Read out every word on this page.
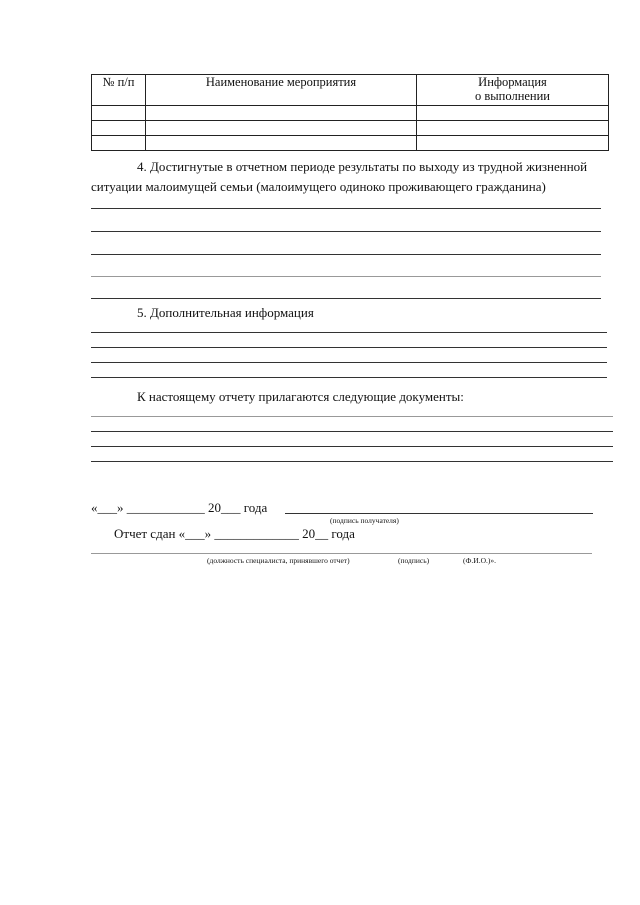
№ п/п	Наименование мероприятия	Информация
о выполнении

4. Достигнутые в отчетном периоде результаты по выходу из трудной жизненной
ситуации малоимущей семьи (малоимущего одиноко проживающего гражданина)
5. Дополнительная информация
К настоящему отчету прилагаются следующие документы:
«___» ____________ 20___ года
(подпись получателя)
Отчет сдан «___» _____________ 20__ года
(должность специалиста, принявшего отчет)	(подпись)	(Ф.И.О.)».
